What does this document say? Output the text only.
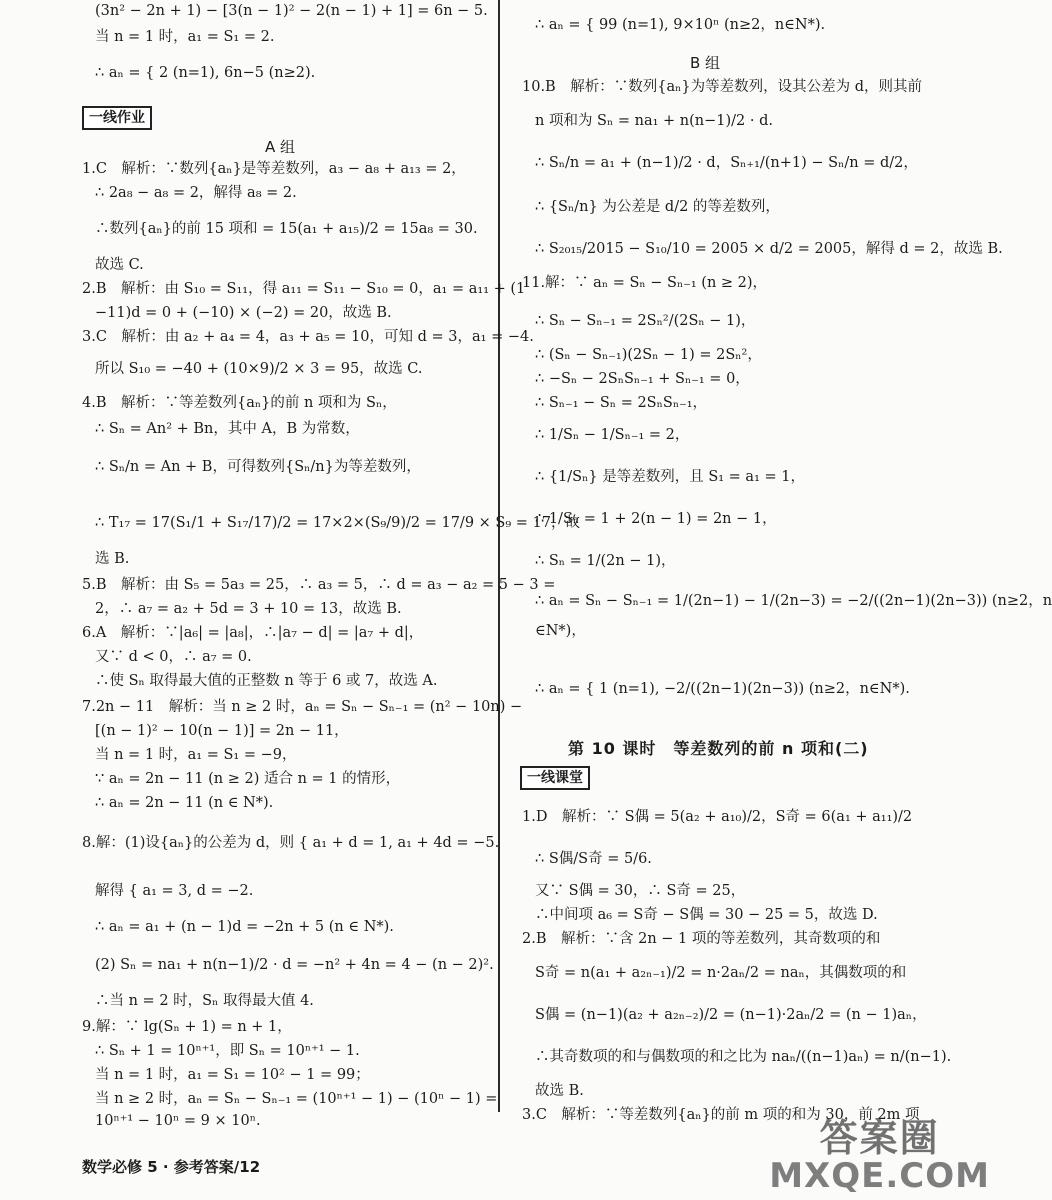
(3n² − 2n + 1) − [3(n − 1)² − 2(n − 1) + 1] = 6n − 5.
当 n = 1 时，a₁ = S₁ = 2.
∴ aₙ = { 2 (n=1), 6n−5 (n≥2).
一线作业
A 组
1.C　解析：∵数列{aₙ}是等差数列，a₃ − a₈ + a₁₃ = 2，
∴ 2a₈ − a₈ = 2，解得 a₈ = 2.
∴数列{aₙ}的前 15 项和 = 15(a₁ + a₁₅)/2 = 15a₈ = 30.
故选 C.
2.B　解析：由 S₁₀ = S₁₁，得 a₁₁ = S₁₁ − S₁₀ = 0，a₁ = a₁₁ + (1
−11)d = 0 + (−10) × (−2) = 20，故选 B.
3.C　解析：由 a₂ + a₄ = 4，a₃ + a₅ = 10，可知 d = 3，a₁ = −4.
所以 S₁₀ = −40 + (10×9)/2 × 3 = 95，故选 C.
4.B　解析：∵等差数列{aₙ}的前 n 项和为 Sₙ，
∴ Sₙ = An² + Bn，其中 A，B 为常数，
∴ Sₙ/n = An + B，可得数列{Sₙ/n}为等差数列，
∴ T₁₇ = 17(S₁/1 + S₁₇/17)/2 = 17×2×(S₉/9)/2 = 17/9 × S₉ = 17，故
选 B.
5.B　解析：由 S₅ = 5a₃ = 25，∴ a₃ = 5，∴ d = a₃ − a₂ = 5 − 3 =
2，∴ a₇ = a₂ + 5d = 3 + 10 = 13，故选 B.
6.A　解析：∵|a₆| = |a₈|，∴|a₇ − d| = |a₇ + d|，
又∵ d < 0，∴ a₇ = 0.
∴使 Sₙ 取得最大值的正整数 n 等于 6 或 7，故选 A.
7.2n − 11　解析：当 n ≥ 2 时，aₙ = Sₙ − Sₙ₋₁ = (n² − 10n) −
[(n − 1)² − 10(n − 1)] = 2n − 11，
当 n = 1 时，a₁ = S₁ = −9，
∵ aₙ = 2n − 11 (n ≥ 2) 适合 n = 1 的情形，
∴ aₙ = 2n − 11 (n ∈ N*).
8.解：(1)设{aₙ}的公差为 d，则 { a₁ + d = 1, a₁ + 4d = −5.
解得 { a₁ = 3, d = −2.
∴ aₙ = a₁ + (n − 1)d = −2n + 5 (n ∈ N*).
(2) Sₙ = na₁ + n(n−1)/2 · d = −n² + 4n = 4 − (n − 2)².
∴当 n = 2 时，Sₙ 取得最大值 4.
9.解：∵ lg(Sₙ + 1) = n + 1，
∴ Sₙ + 1 = 10ⁿ⁺¹，即 Sₙ = 10ⁿ⁺¹ − 1.
当 n = 1 时，a₁ = S₁ = 10² − 1 = 99；
当 n ≥ 2 时，aₙ = Sₙ − Sₙ₋₁ = (10ⁿ⁺¹ − 1) − (10ⁿ − 1) =
10ⁿ⁺¹ − 10ⁿ = 9 × 10ⁿ.
∴ aₙ = { 99 (n=1), 9×10ⁿ (n≥2，n∈N*).
B 组
10.B　解析：∵数列{aₙ}为等差数列，设其公差为 d，则其前
n 项和为 Sₙ = na₁ + n(n−1)/2 · d.
∴ Sₙ/n = a₁ + (n−1)/2 · d，Sₙ₊₁/(n+1) − Sₙ/n = d/2，
∴ {Sₙ/n} 为公差是 d/2 的等差数列，
∴ S₂₀₁₅/2015 − S₁₀/10 = 2005 × d/2 = 2005，解得 d = 2，故选 B.
11.解：∵ aₙ = Sₙ − Sₙ₋₁ (n ≥ 2)，
∴ Sₙ − Sₙ₋₁ = 2Sₙ²/(2Sₙ − 1)，
∴ (Sₙ − Sₙ₋₁)(2Sₙ − 1) = 2Sₙ²，
∴ −Sₙ − 2SₙSₙ₋₁ + Sₙ₋₁ = 0，
∴ Sₙ₋₁ − Sₙ = 2SₙSₙ₋₁，
∴ 1/Sₙ − 1/Sₙ₋₁ = 2，
∴ {1/Sₙ} 是等差数列，且 S₁ = a₁ = 1，
∴ 1/Sₙ = 1 + 2(n − 1) = 2n − 1，
∴ Sₙ = 1/(2n − 1)，
∴ aₙ = Sₙ − Sₙ₋₁ = 1/(2n−1) − 1/(2n−3) = −2/((2n−1)(2n−3)) (n≥2，n
∈N*)，
∴ aₙ = { 1 (n=1), −2/((2n−1)(2n−3)) (n≥2，n∈N*).
第 10 课时　等差数列的前 n 项和(二)
一线课堂
1.D　解析：∵ S偶 = 5(a₂ + a₁₀)/2，S奇 = 6(a₁ + a₁₁)/2
∴ S偶/S奇 = 5/6.
又∵ S偶 = 30，∴ S奇 = 25，
∴中间项 a₆ = S奇 − S偶 = 30 − 25 = 5，故选 D.
2.B　解析：∵含 2n − 1 项的等差数列，其奇数项的和
S奇 = n(a₁ + a₂ₙ₋₁)/2 = n·2aₙ/2 = naₙ，其偶数项的和
S偶 = (n−1)(a₂ + a₂ₙ₋₂)/2 = (n−1)·2aₙ/2 = (n − 1)aₙ，
∴其奇数项的和与偶数项的和之比为 naₙ/((n−1)aₙ) = n/(n−1).
故选 B.
3.C　解析：∵等差数列{aₙ}的前 m 项的和为 30，前 2m 项
数学必修 5 · 参考答案/12
答案圈
MXQE.COM
